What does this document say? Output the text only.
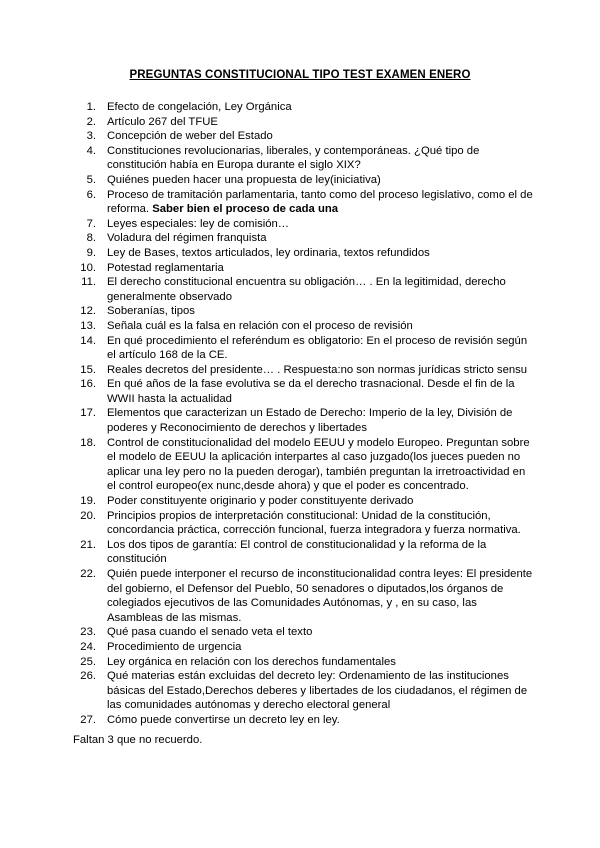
PREGUNTAS CONSTITUCIONAL TIPO TEST EXAMEN ENERO
1. Efecto de congelación, Ley Orgánica
2. Artículo 267 del TFUE
3. Concepción de weber del Estado
4. Constituciones revolucionarias, liberales, y contemporáneas. ¿Qué tipo de constitución había en Europa durante el siglo XIX?
5. Quiénes pueden hacer una propuesta de ley(iniciativa)
6. Proceso de tramitación parlamentaria, tanto como del proceso legislativo, como el de reforma. Saber bien el proceso de cada una
7. Leyes especiales: ley de comisión…
8. Voladura del régimen franquista
9. Ley de Bases, textos articulados, ley ordinaria, textos refundidos
10. Potestad reglamentaria
11. El derecho constitucional encuentra su obligación… . En la legitimidad, derecho generalmente observado
12. Soberanías, tipos
13. Señala cuál es la falsa en relación con el proceso de revisión
14. En qué procedimiento el referéndum es obligatorio: En el proceso de revisión según el artículo 168 de la CE.
15. Reales decretos del presidente… . Respuesta:no son normas jurídicas stricto sensu
16. En qué años de la fase evolutiva se da el derecho trasnacional. Desde el fin de la WWII hasta la actualidad
17. Elementos que caracterizan un Estado de Derecho: Imperio de la ley, División de poderes y Reconocimiento de derechos y libertades
18. Control de constitucionalidad del modelo EEUU y modelo Europeo. Preguntan sobre el modelo de EEUU la aplicación interpartes al caso juzgado(los jueces pueden no aplicar una ley pero no la pueden derogar), también preguntan la irretroactividad en el control europeo(ex nunc,desde ahora) y que el poder es concentrado.
19. Poder constituyente originario y poder constituyente derivado
20. Principios propios de interpretación constitucional: Unidad de la constitución, concordancia práctica, corrección funcional, fuerza integradora y fuerza normativa.
21. Los dos tipos de garantía: El control de constitucionalidad y la reforma de la constitución
22. Quién puede interponer el recurso de inconstitucionalidad contra leyes: El presidente del gobierno, el Defensor del Pueblo, 50 senadores o diputados,los órganos de colegiados ejecutivos de las Comunidades Autónomas, y , en su caso, las Asambleas de las mismas.
23. Qué pasa cuando el senado veta el texto
24. Procedimiento de urgencia
25. Ley orgánica en relación con los derechos fundamentales
26. Qué materias están excluidas del decreto ley: Ordenamiento de las instituciones básicas del Estado,Derechos deberes y libertades de los ciudadanos, el régimen de las comunidades autónomas y derecho electoral general
27. Cómo puede convertirse un decreto ley en ley.
Faltan 3 que no recuerdo.
